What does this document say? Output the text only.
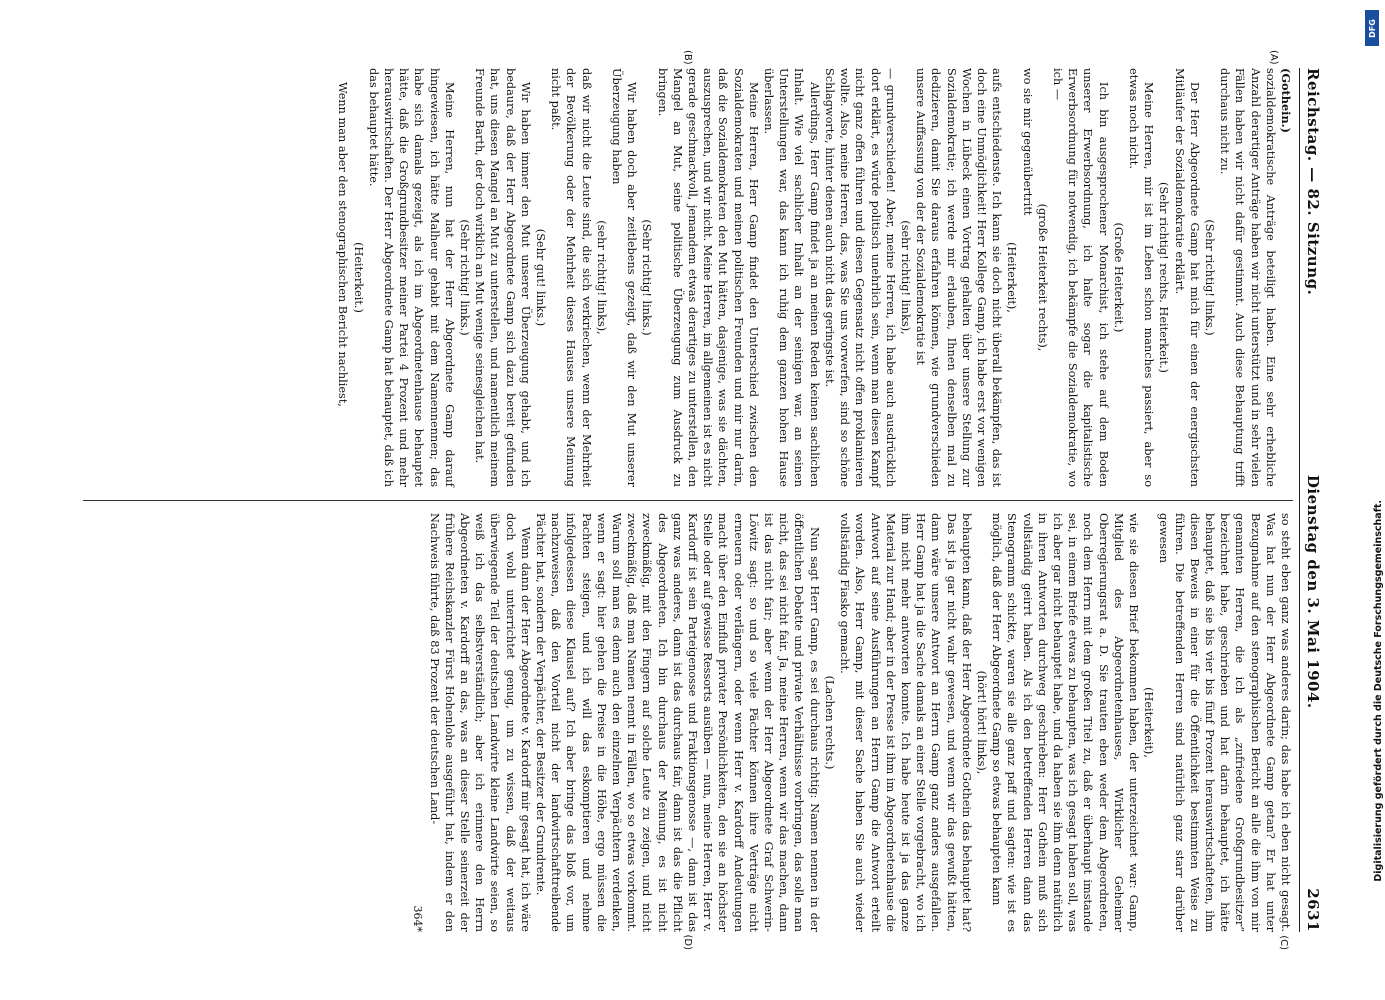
DFG
Digitalisierung gefördert durch die Deutsche Forschungsgemeinschaft.
Reichstag. — 82. Sitzung.
Dienstag den 3. Mai 1904.
2631
(A)
(B)

(Gothein.)

sozialdemokratische Anträge beteiligt haben. Eine sehr erhebliche Anzahl derartiger Anträge haben wir nicht unterstützt und in sehr vielen Fällen haben wir nicht dafür gestimmt. Auch diese Behauptung trifft durchaus nicht zu.

(Sehr richtig! links.)

Der Herr Abgeordnete Gamp hat mich für einen der energischsten Mitläufer der Sozialdemokratie erklärt.

(Sehr richtig! rechts. Heiterkeit.)

Meine Herren, mir ist im Leben schon manches passiert, aber so etwas noch nicht.

(Große Heiterkeit.)

Ich bin ausgesprochener Monarchist, ich stehe auf dem Boden unserer Erwerbsordnung, ich halte sogar die kapitalistische Erwerbsordnung für notwendig, ich bekämpfe die Sozialdemokratie, wo ich —

(große Heiterkeit rechts),

wo sie mir gegenübertritt

(Heiterkeit),

aufs entschiedenste. Ich kann sie doch nicht überall bekämpfen, das ist doch eine Unmöglichkeit! Herr Kollege Gamp, ich habe erst vor wenigen Wochen in Lübeck einen Vortrag gehalten über unsere Stellung zur Sozialdemokratie; ich werde mir erlauben, Ihnen denselben mal zu dedizieren, damit Sie daraus erfahren können, wie grundverschieden unsere Auffassung von der der Sozialdemokratie ist

(sehr richtig! links),

— grundverschieden! Aber, meine Herren, ich habe auch ausdrücklich dort erklärt, es würde politisch unehrlich sein, wenn man diesen Kampf nicht ganz offen führen und diesen Gegensatz nicht offen proklamieren wollte. Also, meine Herren, das, was Sie uns vorwerfen, sind so schöne Schlagworte, hinter denen auch nicht das geringste ist.

Allerdings, Herr Gamp findet ja an meinen Reden keinen sachlichen Inhalt. Wie viel sachlicher Inhalt an der seinigen war, an seinen Unterstellungen war, das kann ich ruhig dem ganzen hohen Hause überlassen.

Meine Herren, Herr Gamp findet den Unterschied zwischen den Sozialdemokraten und meinen politischen Freunden und mir nur darin, daß die Sozialdemokraten den Mut hätten, dasjenige, was sie dächten, auszusprechen, und wir nicht. Meine Herren, im allgemeinen ist es nicht gerade geschmackvoll, jemandem etwas derartiges zu unterstellen, den Mangel an Mut, seine politische Überzeugung zum Ausdruck zu bringen.

(Sehr richtig! links.)

Wir haben doch aber zeitlebens gezeigt, daß wir den Mut unserer Überzeugung haben

(sehr richtig! links),

daß wir nicht die Leute sind, die sich verkriechen, wenn der Mehrheit der Bevölkerung oder der Mehrheit dieses Hauses unsere Meinung nicht paßt.

(Sehr gut! links.)

Wir haben immer den Mut unserer Überzeugung gehabt, und ich bedaure, daß der Herr Abgeordnete Gamp sich dazu bereit gefunden hat, uns diesen Mangel an Mut zu unterstellen, und namentlich meinem Freunde Barth, der doch wirklich an Mut wenige seinesgleichen hat.

(Sehr richtig! links.)

Meine Herren, nun hat der Herr Abgeordnete Gamp darauf hingewiesen, ich hätte Malheur gehabt mit dem Namennennen; das habe sich damals gezeigt, als ich im Abgeordnetenhause behauptet hätte, daß die Großgrundbesitzer meiner Partei 4 Prozent und mehr herauswirtschaften. Der Herr Abgeordnete Gamp hat behauptet, daß ich das behauptet hätte.

(Heiterkeit.)

Wenn man aber den stenographischen Bericht nachliest,

(C)
(D)

so steht eben ganz was anderes darin; das habe ich eben nicht gesagt. Was hat nun der Herr Abgeordnete Gamp getan? Er hat unter Bezugnahme auf den stenographischen Bericht an alle die ihm von mir genannten Herren, die ich als „zufriedene Großgrundbesitzer“ bezeichnet habe, geschrieben und hat darin behauptet, ich hätte behauptet, daß sie bis vier bis fünf Prozent herauswirtschafteten, ihm diesen Beweis in einer für die Öffentlichkeit bestimmten Weise zu führen. Die betreffenden Herren sind natürlich ganz starr darüber gewesen

(Heiterkeit),

wie sie diesen Brief bekommen haben, der unterzeichnet war: Gamp, Mitglied des Abgeordnetenhauses, Wirklicher Geheimer Oberregierungsrat a. D. Sie trauten eben weder dem Abgeordneten, noch dem Herrn mit dem großen Titel zu, daß er überhaupt imstande sei, in einem Briefe etwas zu behaupten, was ich gesagt haben soll, was ich aber gar nicht behauptet habe, und da haben sie ihm denn natürlich in ihren Antworten durchweg geschrieben: Herr Gothein muß sich vollständig geirrt haben. Als ich den betreffenden Herren dann das Stenogramm schickte, waren sie alle ganz paff und sagten: wie ist es möglich, daß der Herr Abgeordnete Gamp so etwas behaupten kann

(hört! hört! links),

behaupten kann, daß der Herr Abgeordnete Gothein das behauptet hat? Das ist ja gar nicht wahr gewesen, und wenn wir das gewußt hätten, dann wäre unsere Antwort an Herrn Gamp ganz anders ausgefallen. Herr Gamp hat ja die Sache damals an einer Stelle vorgebracht, wo ich ihm nicht mehr antworten konnte. Ich habe heute ist ja das ganze Material zur Hand; aber in der Presse ist ihm im Abgeordnetenhause die Antwort auf seine Ausführungen an Herrn Gamp die Antwort erteilt worden. Also, Herr Gamp, mit dieser Sache haben Sie auch wieder vollständig Fiasko gemacht.

(Lachen rechts.)

Nun sagt Herr Gamp, es sei durchaus richtig: Namen nennen in der öffentlichen Debatte und private Verhältnisse vorbringen, das solle man nicht, das sei nicht fair. Ja, meine Herren, wenn wir das machen, dann ist das nicht fair; aber wenn der Herr Abgeordnete Graf Schwerin-Löwitz sagt: so und so viele Pächter können ihre Verträge nicht erneuern oder verlängern, oder wenn Herr v. Kardorff Andeutungen macht über den Einfluß privater Persönlichkeiten, den sie an höchster Stelle oder auf gewisse Ressorts ausüben — nun, meine Herren, Herr v. Kardorff ist sein Parteigenosse und Fraktionsgenosse —, dann ist das ganz was anderes, dann ist das durchaus fair, dann ist das die Pflicht des Abgeordneten. Ich bin durchaus der Meinung, es ist nicht zweckmäßig, mit den Fingern auf solche Leute zu zeigen, und nicht zweckmäßig, daß man Namen nennt in Fällen, wo so etwas vorkommt. Warum soll man es denn auch den einzelnen Verpächtern verdenken, wenn er sagt: hier gehen die Preise in die Höhe, ergo müssen die Pachten steigen, und ich will das eskomptieren und nehme infolgedessen diese Klausel auf? Ich aber bringe das bloß vor, um nachzuweisen, daß den Vorteil nicht der landwirtschafttreibende Pächter hat, sondern der Verpächter, der Besitzer der Grundrente.

Wenn dann der Herr Abgeordnete v. Kardorff mir gesagt hat, ich wäre doch wohl unterrichtet genug, um zu wissen, daß der weitaus überwiegende Teil der deutschen Landwirte kleine Landwirte seien, so weiß ich das selbstverständlich; aber ich erinnere den Herrn Abgeordneten v. Kardorff an das, was an dieser Stelle seinerzeit der frühere Reichskanzler Fürst Hohenlohe ausgeführt hat, indem er den Nachweis führte, daß 83 Prozent der deutschen Land-

364*
